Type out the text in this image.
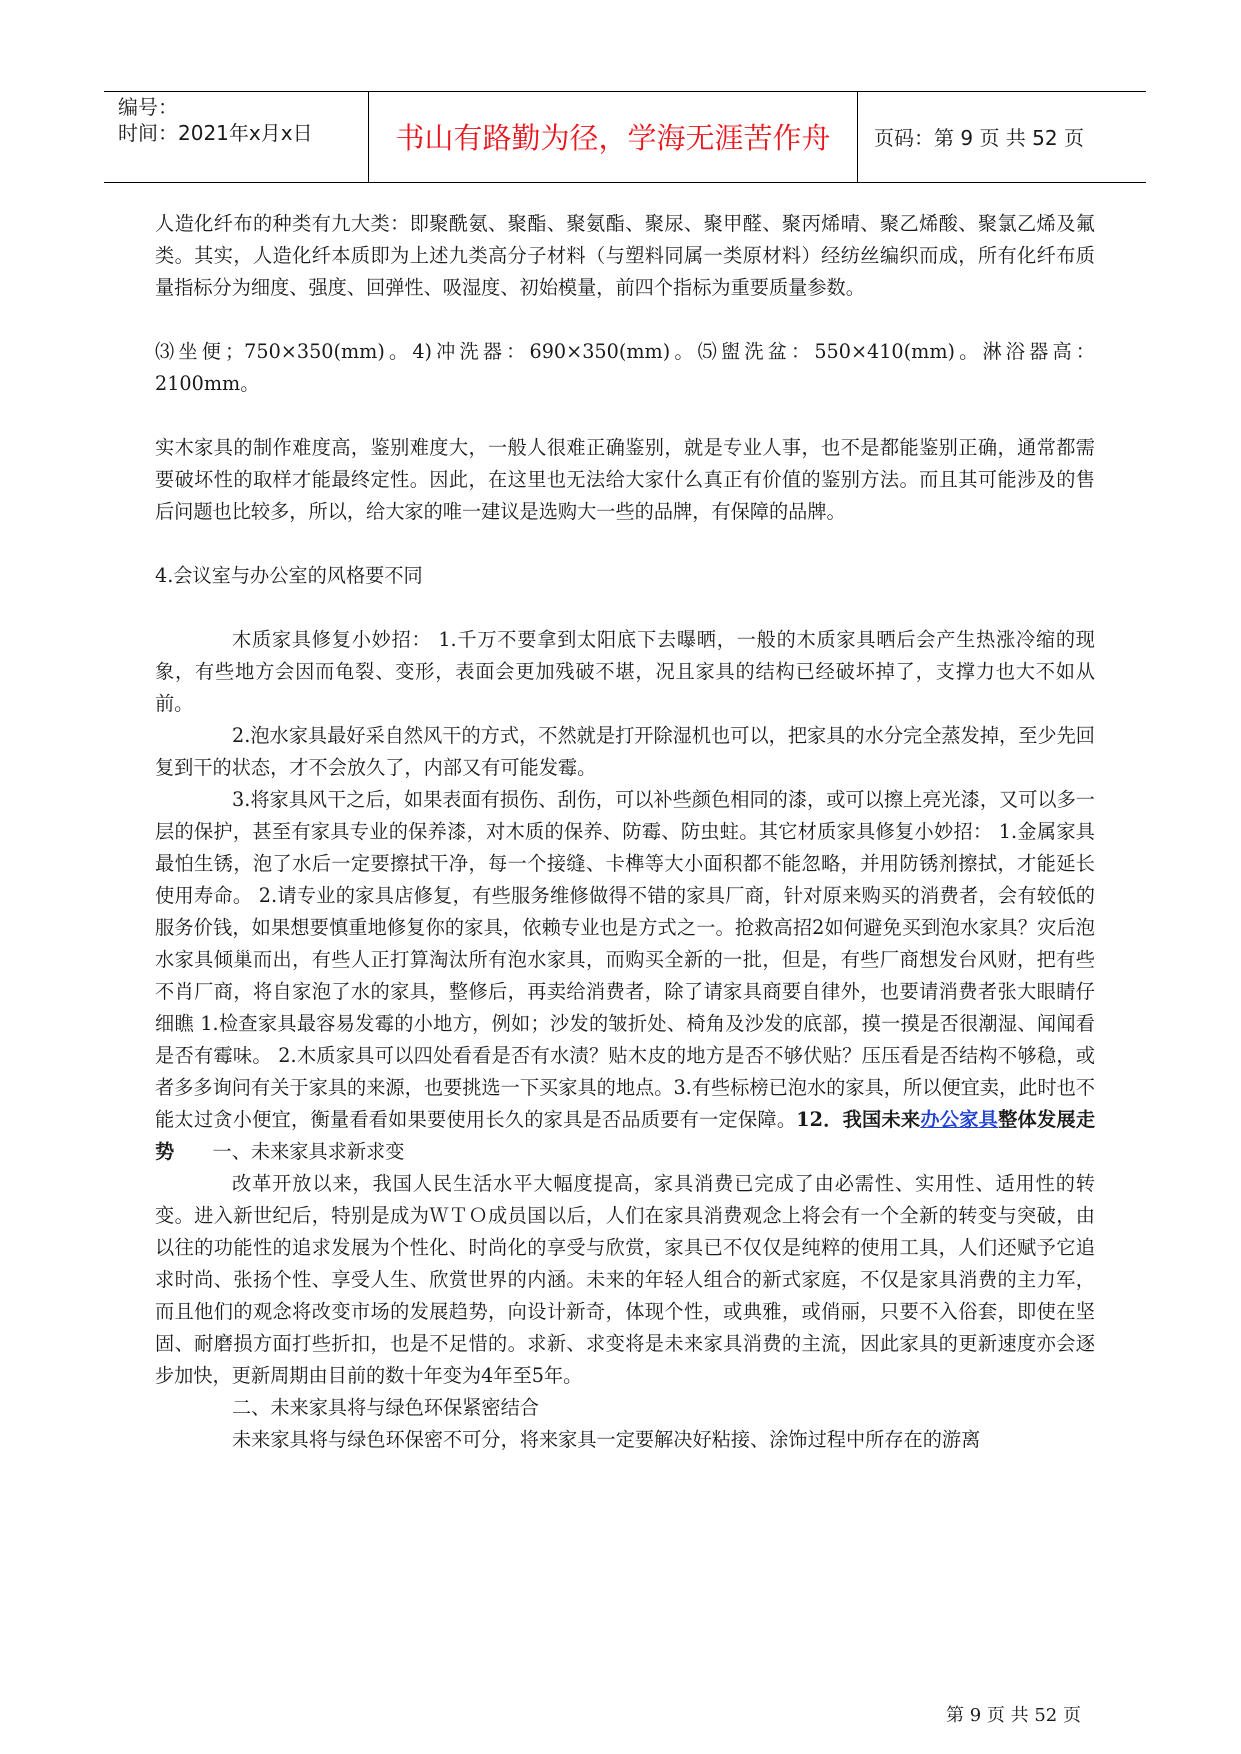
编号：
时间：2021年x月x日	书山有路勤为径，学海无涯苦作舟	页码：第 9 页 共 52 页

人造化纤布的种类有九大类：即聚酰氨、聚酯、聚氨酯、聚尿、聚甲醛、聚丙烯晴、聚乙烯酸、聚氯乙烯及氟类。其实，人造化纤本质即为上述九类高分子材料（与塑料同属一类原材料）经纺丝编织而成，所有化纤布质量指标分为细度、强度、回弹性、吸湿度、初始模量，前四个指标为重要质量参数。

⑶坐便；750×350(mm)。4)冲洗器：690×350(mm)。⑸盥洗盆：550×410(mm)。淋浴器高：2100mm。

实木家具的制作难度高，鉴别难度大，一般人很难正确鉴别，就是专业人事，也不是都能鉴别正确，通常都需要破坏性的取样才能最终定性。因此，在这里也无法给大家什么真正有价值的鉴别方法。而且其可能涉及的售后问题也比较多，所以，给大家的唯一建议是选购大一些的品牌，有保障的品牌。

4.会议室与办公室的风格要不同

木质家具修复小妙招： 1.千万不要拿到太阳底下去曝晒，一般的木质家具晒后会产生热涨冷缩的现象，有些地方会因而龟裂、变形，表面会更加残破不堪，况且家具的结构已经破坏掉了，支撑力也大不如从前。

2.泡水家具最好采自然风干的方式，不然就是打开除湿机也可以，把家具的水分完全蒸发掉，至少先回复到干的状态，才不会放久了，内部又有可能发霉。

3.将家具风干之后，如果表面有损伤、刮伤，可以补些颜色相同的漆，或可以擦上亮光漆，又可以多一层的保护，甚至有家具专业的保养漆，对木质的保养、防霉、防虫蛀。其它材质家具修复小妙招： 1.金属家具最怕生锈，泡了水后一定要擦拭干净，每一个接缝、卡榫等大小面积都不能忽略，并用防锈剂擦拭，才能延长使用寿命。 2.请专业的家具店修复，有些服务维修做得不错的家具厂商，针对原来购买的消费者，会有较低的服务价钱，如果想要慎重地修复你的家具，依赖专业也是方式之一。抢救高招2如何避免买到泡水家具？灾后泡水家具倾巢而出，有些人正打算淘汰所有泡水家具，而购买全新的一批，但是，有些厂商想发台风财，把有些不肖厂商，将自家泡了水的家具，整修后，再卖给消费者，除了请家具商要自律外，也要请消费者张大眼睛仔细瞧 1.检查家具最容易发霉的小地方，例如；沙发的皱折处、椅角及沙发的底部，摸一摸是否很潮湿、闻闻看是否有霉味。 2.木质家具可以四处看看是否有水渍？贴木皮的地方是否不够伏贴？压压看是否结构不够稳，或者多多询问有关于家具的来源，也要挑选一下买家具的地点。3.有些标榜已泡水的家具，所以便宜卖，此时也不能太过贪小便宜，衡量看看如果要使用长久的家具是否品质要有一定保障。12．我国未来办公家具整体发展走势　　一、未来家具求新求变

改革开放以来，我国人民生活水平大幅度提高，家具消费已完成了由必需性、实用性、适用性的转变。进入新世纪后，特别是成为ＷＴＯ成员国以后，人们在家具消费观念上将会有一个全新的转变与突破，由以往的功能性的追求发展为个性化、时尚化的享受与欣赏，家具已不仅仅是纯粹的使用工具，人们还赋予它追求时尚、张扬个性、享受人生、欣赏世界的内涵。未来的年轻人组合的新式家庭，不仅是家具消费的主力军，而且他们的观念将改变市场的发展趋势，向设计新奇，体现个性，或典雅，或俏丽，只要不入俗套，即使在坚固、耐磨损方面打些折扣，也是不足惜的。求新、求变将是未来家具消费的主流，因此家具的更新速度亦会逐步加快，更新周期由目前的数十年变为4年至5年。

二、未来家具将与绿色环保紧密结合

未来家具将与绿色环保密不可分，将来家具一定要解决好粘接、涂饰过程中所存在的游离

第 9 页 共 52 页
